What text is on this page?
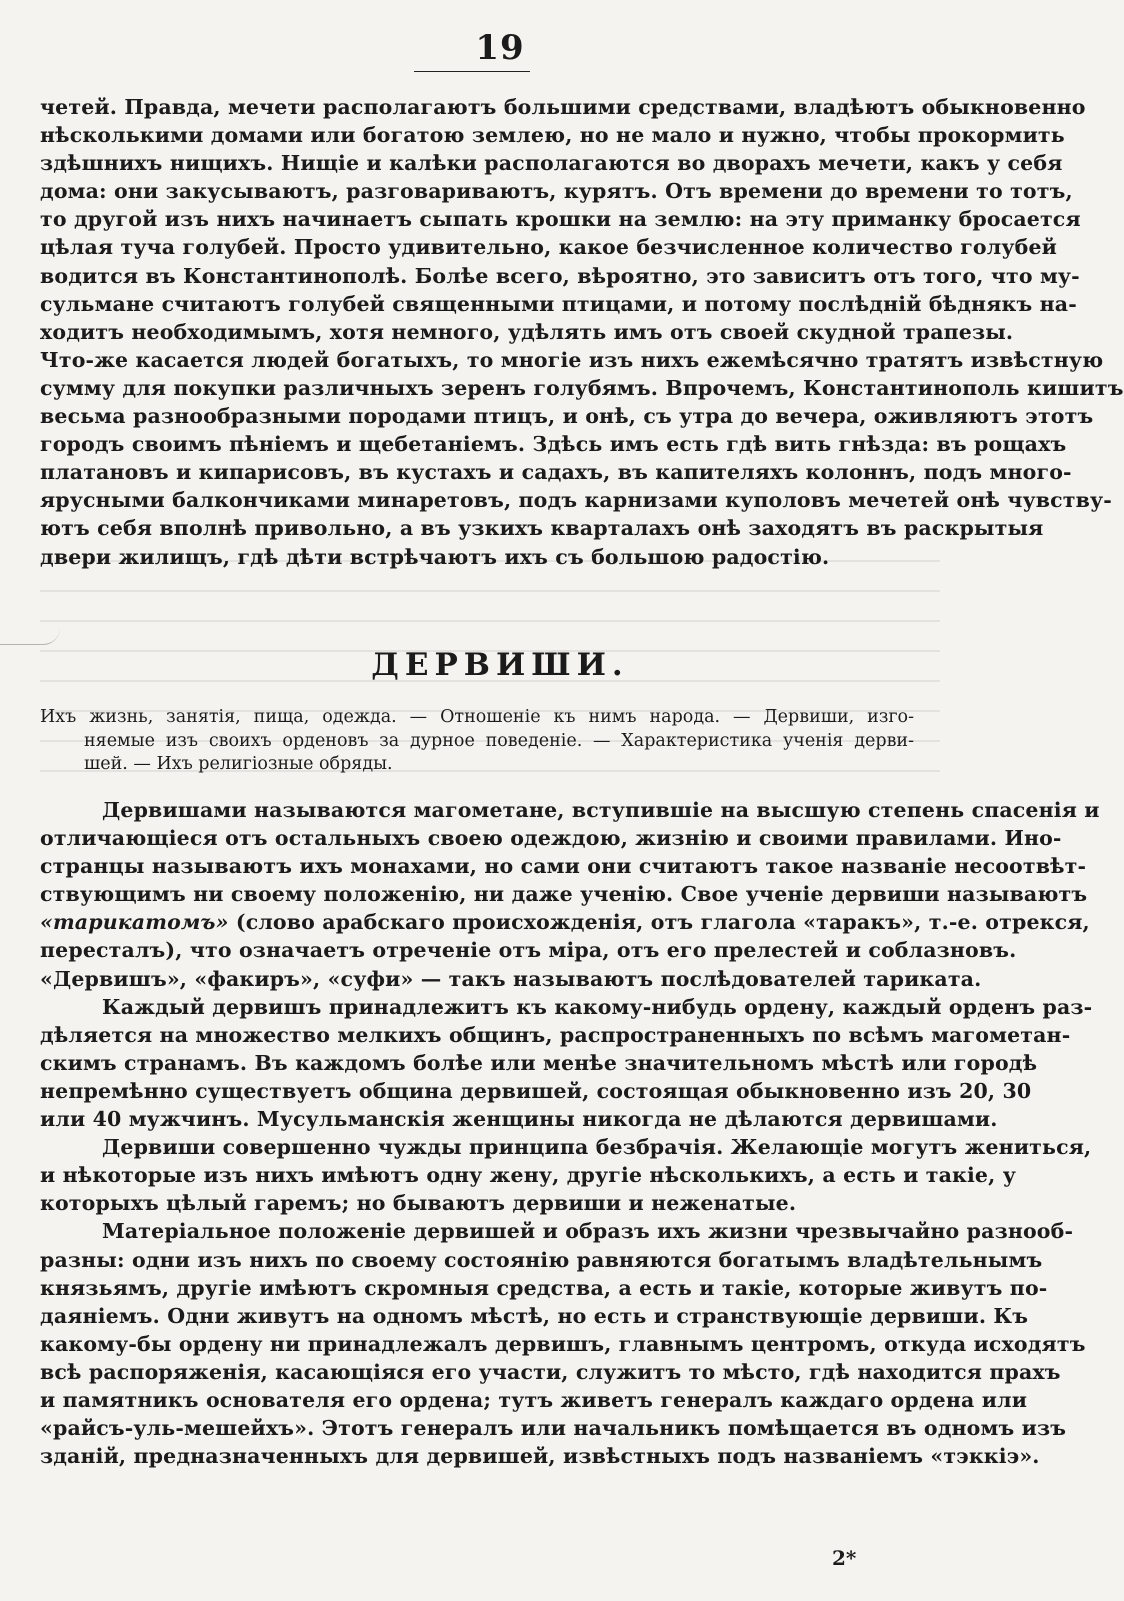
19
четей. Правда, мечети располагаютъ большими средствами, владѣютъ обыкновенно
нѣсколькими домами или богатою землею, но не мало и нужно, чтобы прокормить
здѣшнихъ нищихъ. Нищіе и калѣки располагаются во дворахъ мечети, какъ у себя
дома: они закусываютъ, разговариваютъ, курятъ. Отъ времени до времени то тотъ,
то другой изъ нихъ начинаетъ сыпать крошки на землю: на эту приманку бросается
цѣлая туча голубей. Просто удивительно, какое безчисленное количество голубей
водится въ Константинополѣ. Болѣе всего, вѣроятно, это зависитъ отъ того, что му-
сульмане считаютъ голубей священными птицами, и потому послѣдній бѣднякъ на-
ходитъ необходимымъ, хотя немного, удѣлять имъ отъ своей скудной трапезы.
Что-же касается людей богатыхъ, то многіе изъ нихъ ежемѣсячно тратятъ извѣстную
сумму для покупки различныхъ зеренъ голубямъ. Впрочемъ, Константинополь кишитъ
весьма разнообразными породами птицъ, и онѣ, съ утра до вечера, оживляютъ этотъ
городъ своимъ пѣніемъ и щебетаніемъ. Здѣсь имъ есть гдѣ вить гнѣзда: въ рощахъ
платановъ и кипарисовъ, въ кустахъ и садахъ, въ капителяхъ колоннъ, подъ много-
ярусными балкончиками минаретовъ, подъ карнизами куполовъ мечетей онѣ чувству-
ютъ себя вполнѣ привольно, а въ узкихъ кварталахъ онѣ заходятъ въ раскрытыя
двери жилищъ, гдѣ дѣти встрѣчаютъ ихъ съ большою радостію.
ДЕРВИШИ.
Ихъ жизнь, занятія, пища, одежда. — Отношеніе къ нимъ народа. — Дервиши, изго-
няемые изъ своихъ орденовъ за дурное поведеніе. — Характеристика ученія дерви-
шей. — Ихъ религіозные обряды.
Дервишами называются магометане, вступившіе на высшую степень спасенія и
отличающіеся отъ остальныхъ своею одеждою, жизнію и своими правилами. Ино-
странцы называютъ ихъ монахами, но сами они считаютъ такое названіе несоотвѣт-
ствующимъ ни своему положенію, ни даже ученію. Свое ученіе дервиши называютъ
«тарикатомъ» (слово арабскаго происхожденія, отъ глагола «таракъ», т.-е. отрекся,
пересталъ), что означаетъ отреченіе отъ міра, отъ его прелестей и соблазновъ.
«Дервишъ», «факиръ», «суфи» — такъ называютъ послѣдователей тариката.
Каждый дервишъ принадлежитъ къ какому-нибудь ордену, каждый орденъ раз-
дѣляется на множество мелкихъ общинъ, распространенныхъ по всѣмъ магометан-
скимъ странамъ. Въ каждомъ болѣе или менѣе значительномъ мѣстѣ или городѣ
непремѣнно существуетъ община дервишей, состоящая обыкновенно изъ 20, 30
или 40 мужчинъ. Мусульманскія женщины никогда не дѣлаются дервишами.
Дервиши совершенно чужды принципа безбрачія. Желающіе могутъ жениться,
и нѣкоторые изъ нихъ имѣютъ одну жену, другіе нѣсколькихъ, а есть и такіе, у
которыхъ цѣлый гаремъ; но бываютъ дервиши и неженатые.
Матеріальное положеніе дервишей и образъ ихъ жизни чрезвычайно разнооб-
разны: одни изъ нихъ по своему состоянію равняются богатымъ владѣтельнымъ
князьямъ, другіе имѣютъ скромныя средства, а есть и такіе, которые живутъ по-
даяніемъ. Одни живутъ на одномъ мѣстѣ, но есть и странствующіе дервиши. Къ
какому-бы ордену ни принадлежалъ дервишъ, главнымъ центромъ, откуда исходятъ
всѣ распоряженія, касающіяся его участи, служитъ то мѣсто, гдѣ находится прахъ
и памятникъ основателя его ордена; тутъ живетъ генералъ каждаго ордена или
«райсъ-уль-мешейхъ». Этотъ генералъ или начальникъ помѣщается въ одномъ изъ
зданій, предназначенныхъ для дервишей, извѣстныхъ подъ названіемъ «тэккіэ».
2*
